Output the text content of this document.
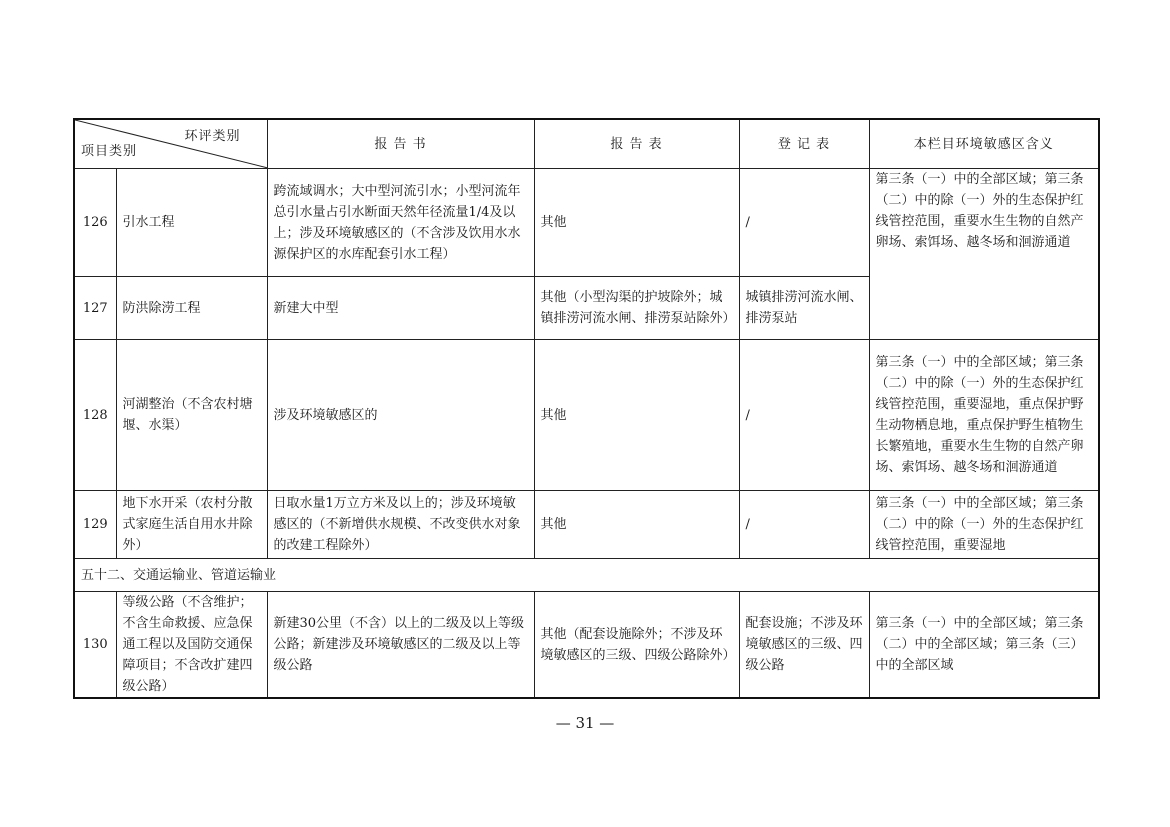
环评类别
项目类别		报 告 书	报 告 表	登 记 表	本栏目环境敏感区含义
126	引水工程	跨流域调水；大中型河流引水；小型河流年总引水量占引水断面天然年径流量1/4及以上；涉及环境敏感区的（不含涉及饮用水水源保护区的水库配套引水工程）	其他	/	第三条（一）中的全部区域；第三条（二）中的除（一）外的生态保护红线管控范围，重要水生生物的自然产卵场、索饵场、越冬场和洄游通道
127	防洪除涝工程	新建大中型	其他（小型沟渠的护坡除外；城镇排涝河流水闸、排涝泵站除外）	城镇排涝河流水闸、排涝泵站	
128	河湖整治（不含农村塘堰、水渠）	涉及环境敏感区的	其他	/	第三条（一）中的全部区域；第三条（二）中的除（一）外的生态保护红线管控范围，重要湿地，重点保护野生动物栖息地，重点保护野生植物生长繁殖地，重要水生生物的自然产卵场、索饵场、越冬场和洄游通道
129	地下水开采（农村分散式家庭生活自用水井除外）	日取水量1万立方米及以上的；涉及环境敏感区的（不新增供水规模、不改变供水对象的改建工程除外）	其他	/	第三条（一）中的全部区域；第三条（二）中的除（一）外的生态保护红线管控范围，重要湿地
五十二、交通运输业、管道运输业					
130	等级公路（不含维护；不含生命救援、应急保通工程以及国防交通保障项目；不含改扩建四级公路）	新建30公里（不含）以上的二级及以上等级公路；新建涉及环境敏感区的二级及以上等级公路	其他（配套设施除外；不涉及环境敏感区的三级、四级公路除外）	配套设施；不涉及环境敏感区的三级、四级公路	第三条（一）中的全部区域；第三条（二）中的全部区域；第三条（三）中的全部区域
— 31 —
